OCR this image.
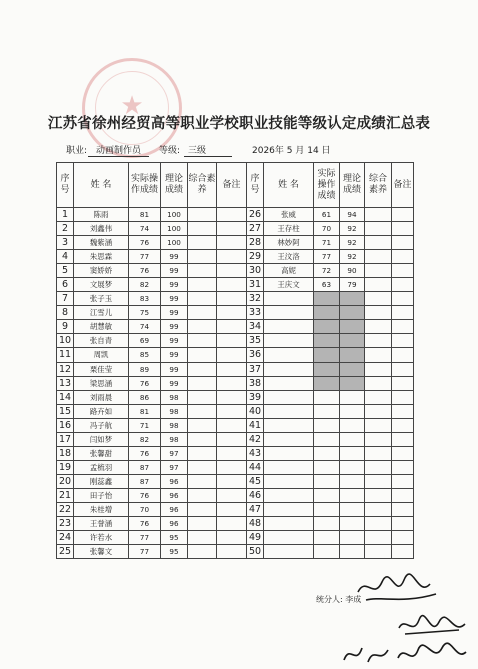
★
江苏省徐州经贸高等职业学校职业技能等级认定成绩汇总表
职业: 动画制作员	等级: 三级	2026年 5 月 14 日
序号	姓 名	实际操作成绩	理论成绩	综合素养	备注	序号	姓 名	实际操作成绩	理论成绩	综合素养	备注
1	陈雨	81	100			26	张威	61	94		
2	刘鑫伟	74	100			27	王存柱	70	92		
3	魏紫涵	76	100			28	林妙阿	71	92		
4	朱思霖	77	99			29	王汶洛	77	92		
5	窦娇娇	76	99			30	高妮	72	90		
6	文展梦	82	99			31	王庆文	63	79		
7	张子玉	83	99			32					
8	江雪儿	75	99			33					
9	胡慧敏	74	99			34					
10	张自青	69	99			35					
11	周凯	85	99			36					
12	栗佳莹	89	99			37					
13	梁思涵	76	99			38					
14	刘雨晨	86	98			39					
15	路卉如	81	98			40					
16	冯子航	71	98			41					
17	闫如梦	82	98			42					
18	张馨甜	76	97			43					
19	孟梳羽	87	97			44					
20	刚蕊鑫	87	96			45					
21	田子怡	76	96			46					
22	朱桂增	70	96			47					
23	王誉涵	76	96			48					
24	许若水	77	95			49					
25	张馨文	77	95			50					
统分人: 李成
